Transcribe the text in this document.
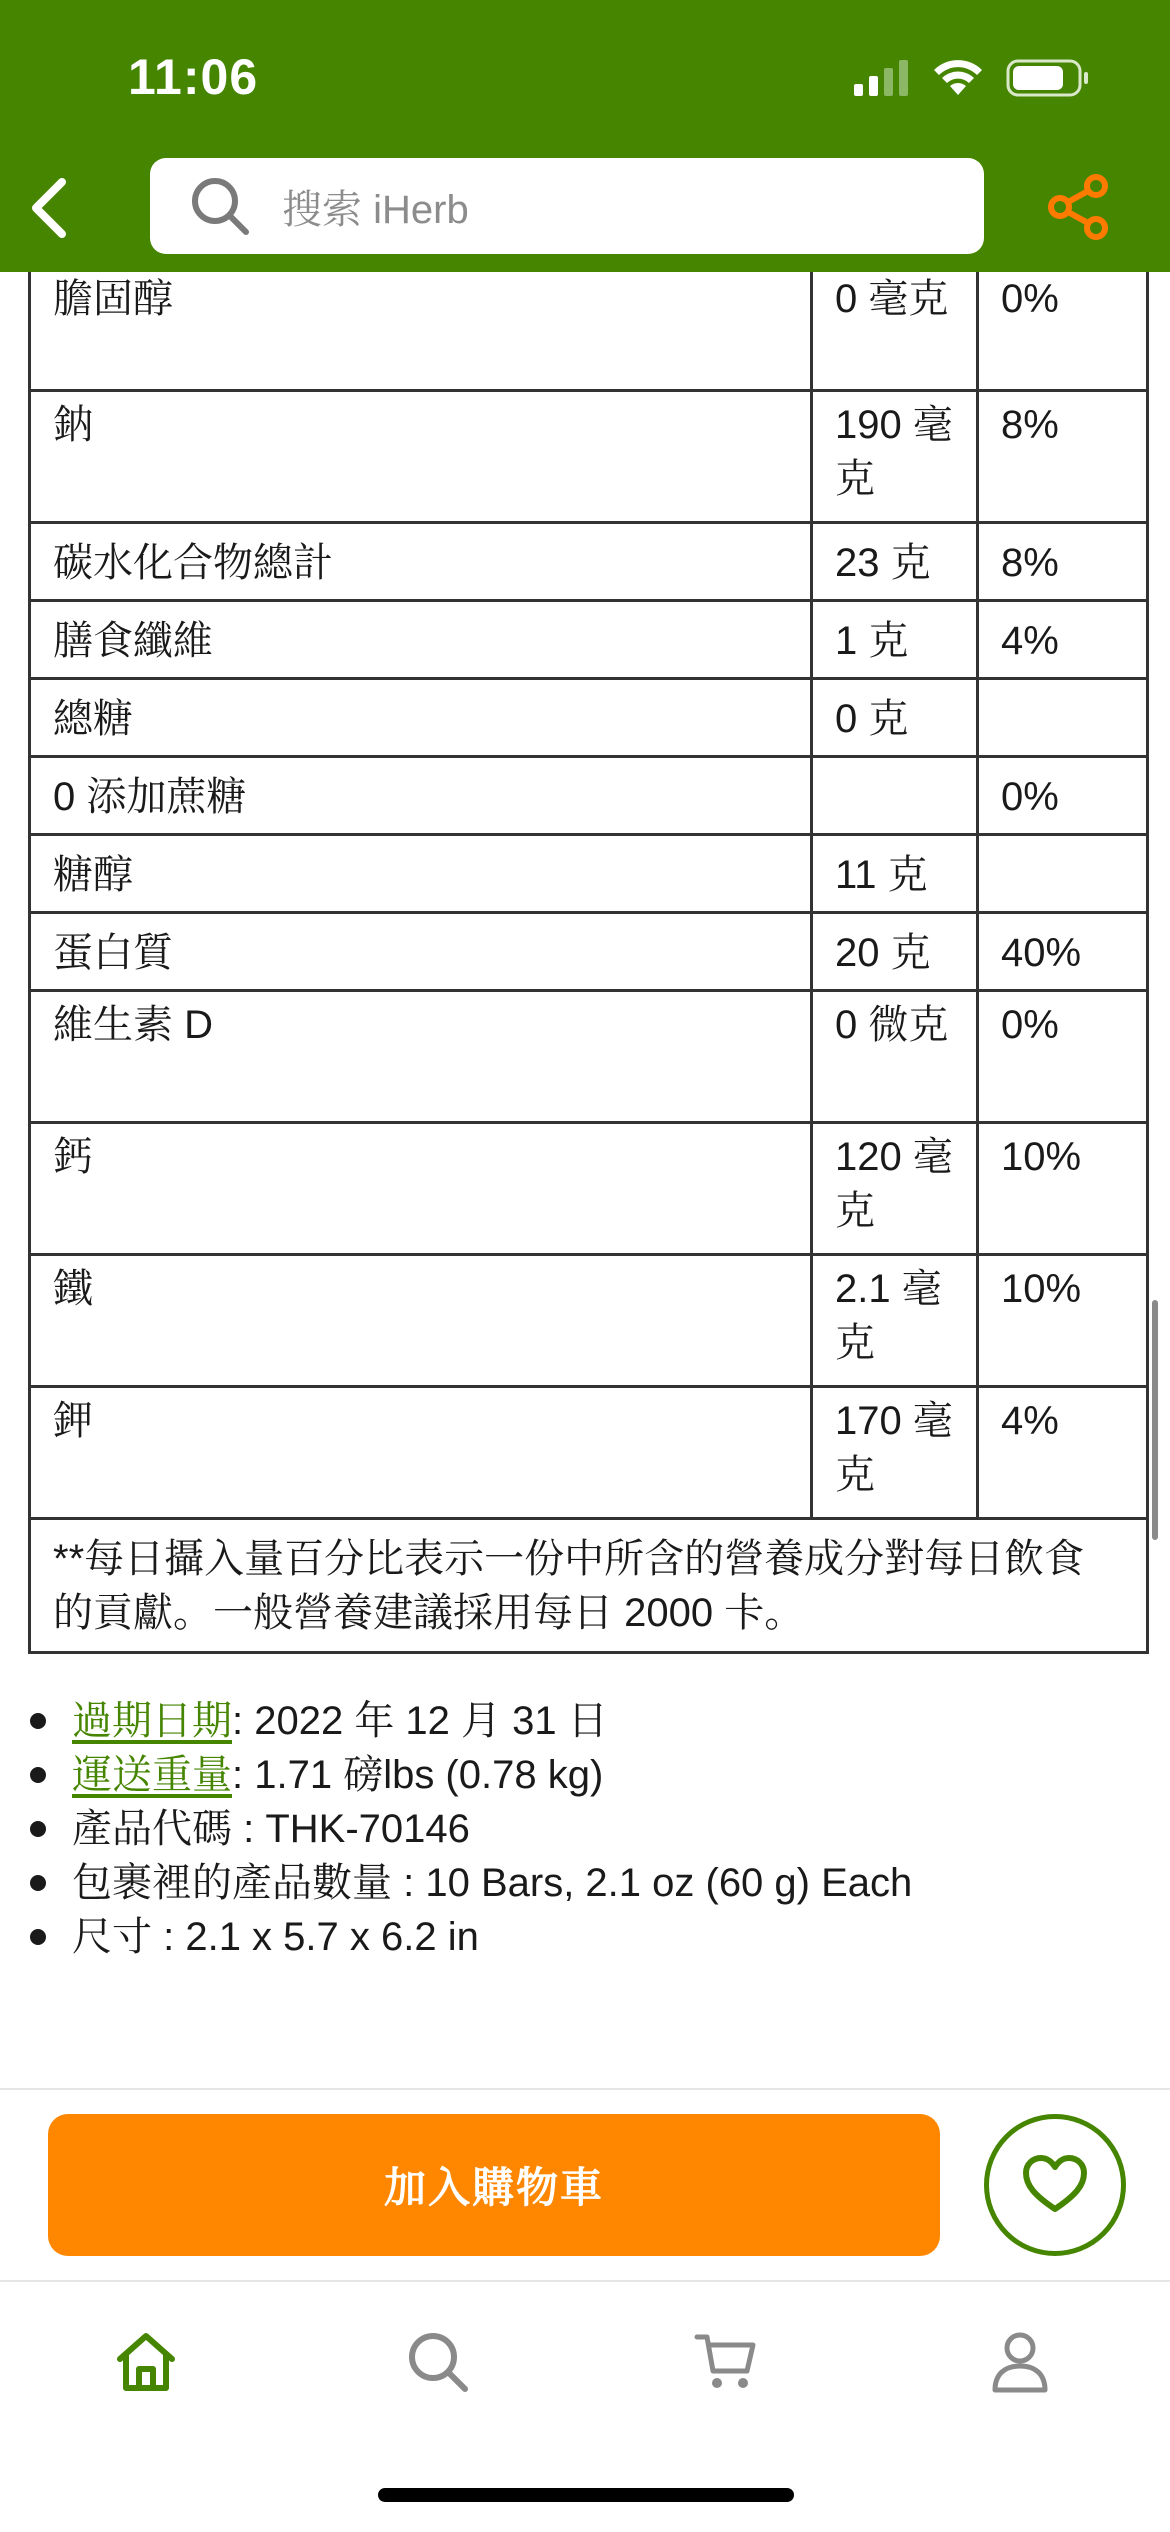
11:06
搜索 iHerb
膽固醇	0 毫克	0%
鈉	190 毫克	8%
碳水化合物總計	23 克	8%
膳食纖維	1 克	4%
總糖	0 克	
0 添加蔗糖		0%
糖醇	11 克	
蛋白質	20 克	40%
維生素 D	0 微克	0%
鈣	120 毫克	10%
鐵	2.1 毫克	10%
鉀	170 毫克	4%
**每日攝入量百分比表示一份中所含的營養成分對每日飲食的貢獻。一般營養建議採用每日 2000 卡。		
過期日期 : 2022 年 12 月 31 日
運送重量 : 1.71 磅lbs (0.78 kg)
產品代碼 : THK-70146
包裹裡的產品數量 : 10 Bars, 2.1 oz (60 g) Each
尺寸 : 2.1 x 5.7 x 6.2 in
加入購物車
